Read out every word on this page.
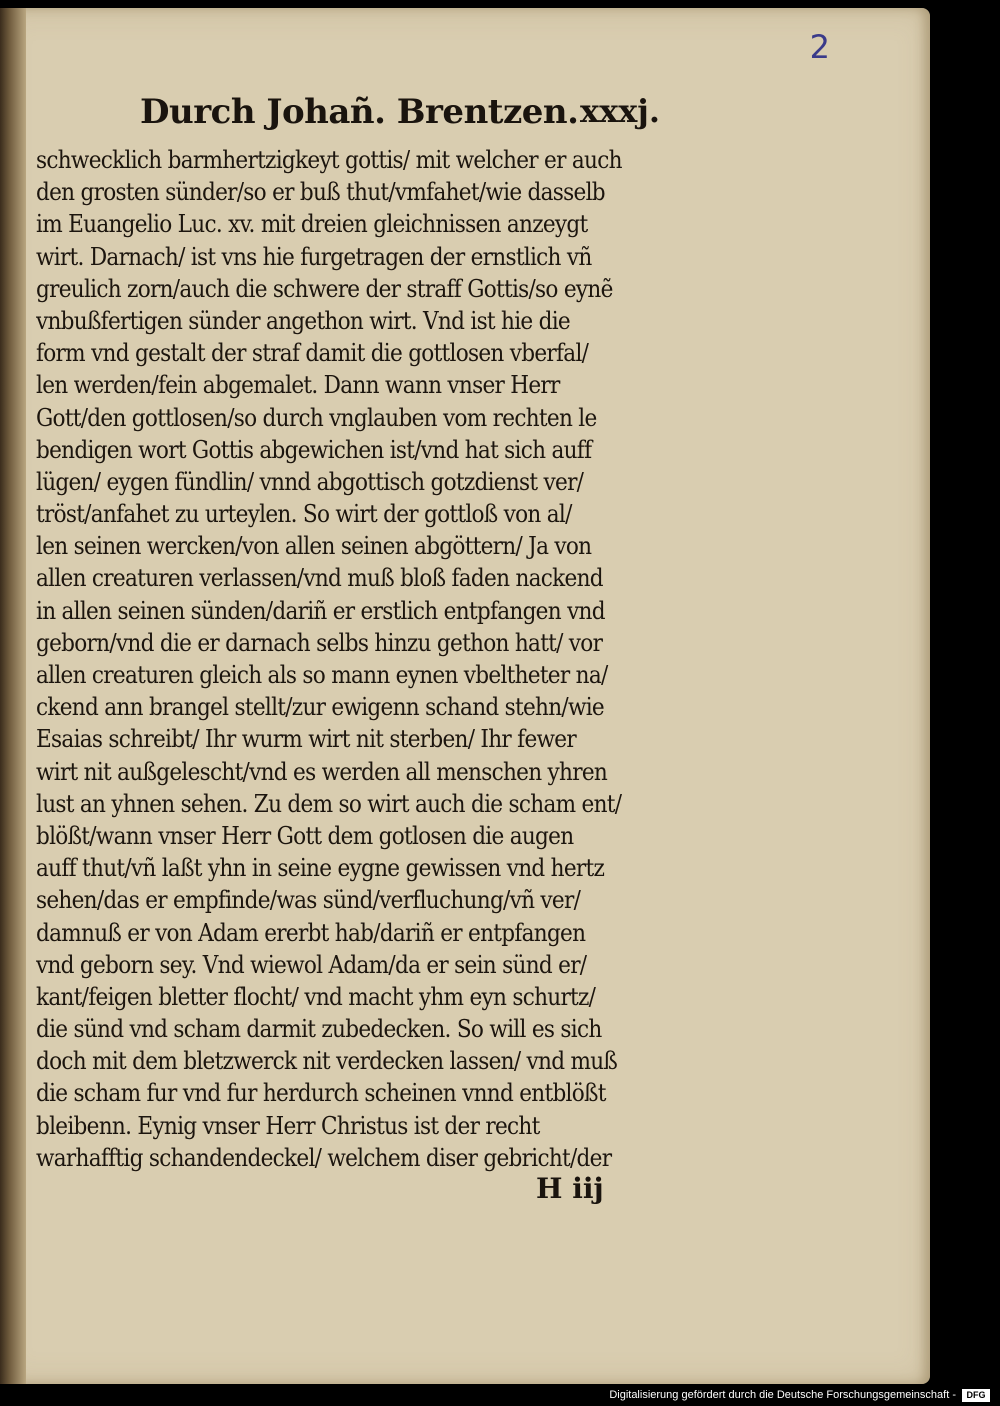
2
Durch Johañ. Brentzen. xxxj.
schwecklich barmhertzigkeyt gottis/ mit welcher er auch
den grosten sünder/so er buß thut/vmfahet/wie dasselb
im Euangelio Luc. xv. mit dreien gleichnissen anzeygt
wirt. Darnach/ ist vns hie furgetragen der ernstlich vñ
greulich zorn/auch die schwere der straff Gottis/so eynẽ
vnbußfertigen sünder angethon wirt. Vnd ist hie die
form vnd gestalt der straf damit die gottlosen vberfal/
len werden/fein abgemalet. Dann wann vnser Herr
Gott/den gottlosen/so durch vnglauben vom rechten le
bendigen wort Gottis abgewichen ist/vnd hat sich auff
lügen/ eygen fündlin/ vnnd abgottisch gotzdienst ver/
tröst/anfahet zu urteylen. So wirt der gottloß von al/
len seinen wercken/von allen seinen abgöttern/ Ja von
allen creaturen verlassen/vnd muß bloß faden nackend
in allen seinen sünden/dariñ er erstlich entpfangen vnd
geborn/vnd die er darnach selbs hinzu gethon hatt/ vor
allen creaturen gleich als so mann eynen vbeltheter na/
ckend ann brangel stellt/zur ewigenn schand stehn/wie
Esaias schreibt/ Ihr wurm wirt nit sterben/ Ihr fewer
wirt nit außgelescht/vnd es werden all menschen yhren
lust an yhnen sehen. Zu dem so wirt auch die scham ent/
blößt/wann vnser Herr Gott dem gotlosen die augen
auff thut/vñ laßt yhn in seine eygne gewissen vnd hertz
sehen/das er empfinde/was sünd/verfluchung/vñ ver/
damnuß er von Adam ererbt hab/dariñ er entpfangen
vnd geborn sey. Vnd wiewol Adam/da er sein sünd er/
kant/feigen bletter flocht/ vnd macht yhm eyn schurtz/
die sünd vnd scham darmit zubedecken. So will es sich
doch mit dem bletzwerck nit verdecken lassen/ vnd muß
die scham fur vnd fur herdurch scheinen vnnd entblößt
bleibenn. Eynig vnser Herr Christus ist der recht
warhafftig schandendeckel/ welchem diser gebricht/der
H iij
Digitalisierung gefördert durch die Deutsche Forschungsgemeinschaft -	DFG
